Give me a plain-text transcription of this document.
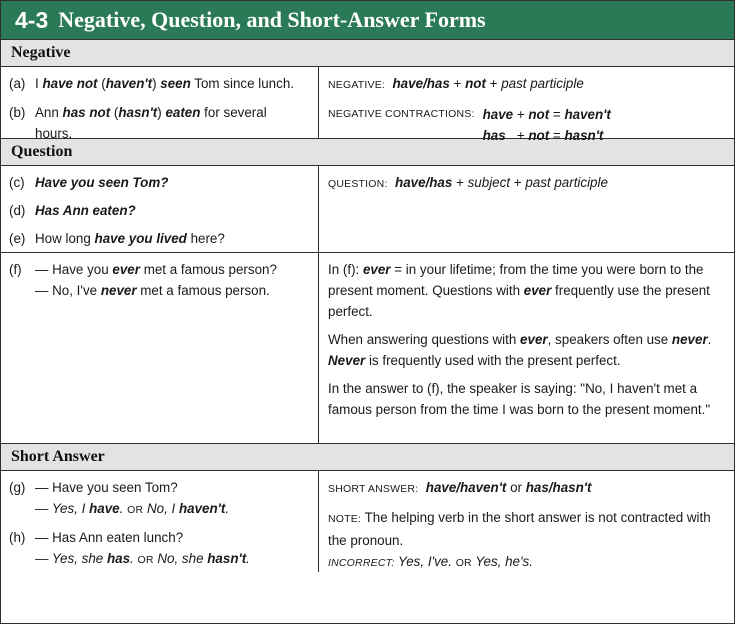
4-3 Negative, Question, and Short-Answer Forms
Negative
(a) I have not (haven't) seen Tom since lunch.
(b) Ann has not (hasn't) eaten for several
hours.

NEGATIVE: have/has + not + past participle

NEGATIVE CONTRACTIONS: have + not = haven't
has   + not = hasn't
Question
(c) Have you seen Tom?
(d) Has Ann eaten?
(e) How long have you lived here?

QUESTION: have/has + subject + past participle

(f) — Have you ever met a famous person?
— No, I've never met a famous person.

In (f): ever = in your lifetime; from the time you were born to the present moment. Questions with ever frequently use the present perfect.

When answering questions with ever, speakers often use never. Never is frequently used with the present perfect.

In the answer to (f), the speaker is saying: "No, I haven't met a famous person from the time I was born to the present moment."

Short Answer
(g) — Have you seen Tom?
— Yes, I have. OR No, I haven't.
(h) — Has Ann eaten lunch?
— Yes, she has. OR No, she hasn't.

SHORT ANSWER: have/haven't or has/hasn't

NOTE: The helping verb in the short answer is not contracted with the pronoun.

INCORRECT: Yes, I've. OR Yes, he's.
